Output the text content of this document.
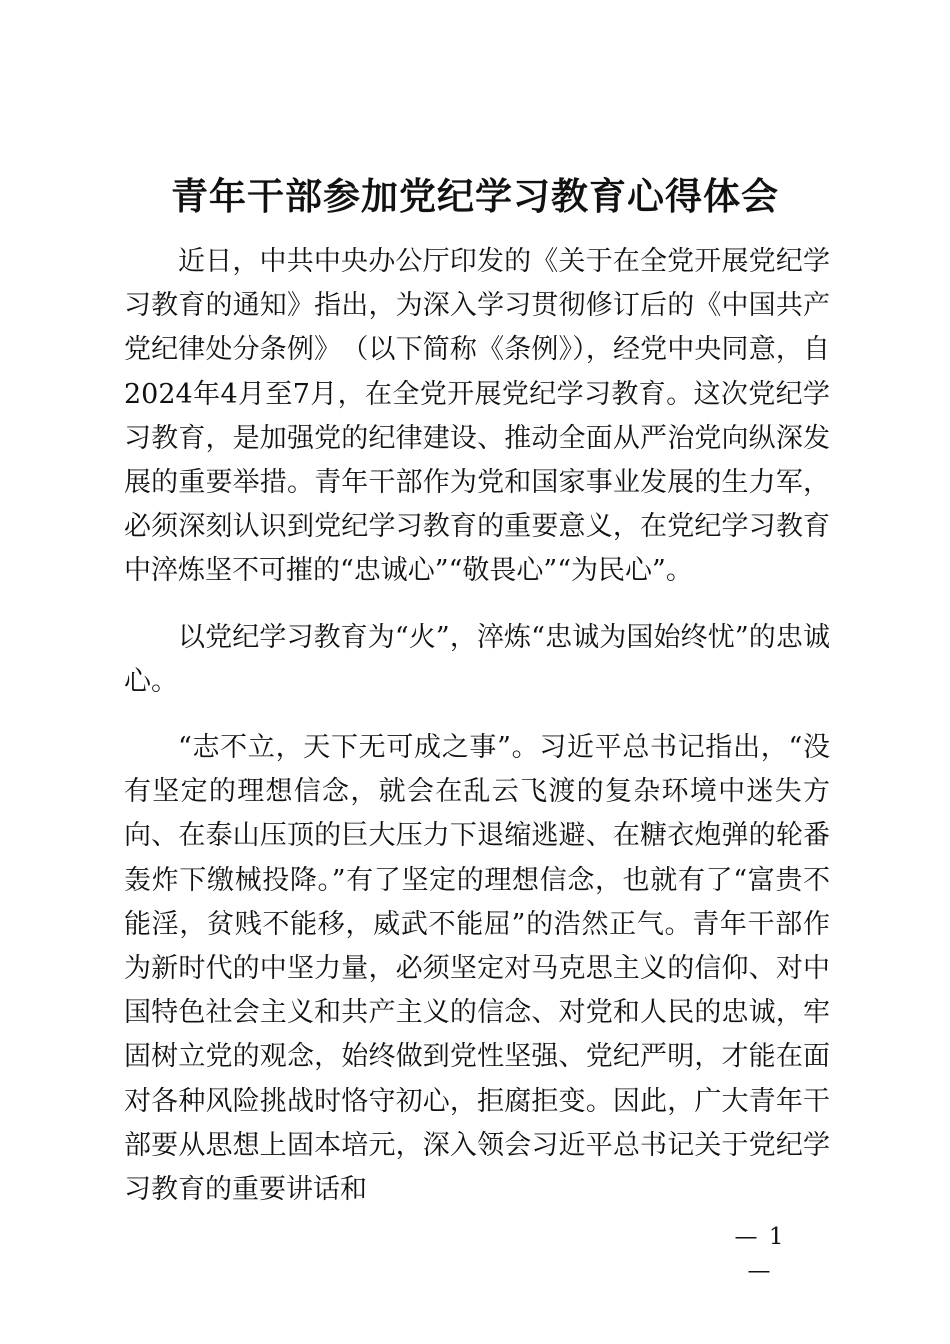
青年干部参加党纪学习教育心得体会

近日，中共中央办公厅印发的《关于在全党开展党纪学习教育的通知》指出，为深入学习贯彻修订后的《中国共产党纪律处分条例》　（以下简称《条例》），经党中央同意，自2024年4月至7月，在全党开展党纪学习教育。这次党纪学习教育，是加强党的纪律建设、推动全面从严治党向纵深发展的重要举措。青年干部作为党和国家事业发展的生力军，必须深刻认识到党纪学习教育的重要意义，在党纪学习教育中淬炼坚不可摧的“忠诚心”“敬畏心”“为民心”。

以党纪学习教育为“火”，淬炼“忠诚为国始终忧”的忠诚心。

“志不立，天下无可成之事”。习近平总书记指出，“没有坚定的理想信念，就会在乱云飞渡的复杂环境中迷失方向、在泰山压顶的巨大压力下退缩逃避、在糖衣炮弹的轮番轰炸下缴械投降。”有了坚定的理想信念，也就有了“富贵不能淫，贫贱不能移，威武不能屈”的浩然正气。青年干部作为新时代的中坚力量，必须坚定对马克思主义的信仰、对中国特色社会主义和共产主义的信念、对党和人民的忠诚，牢固树立党的观念，始终做到党性坚强、党纪严明，才能在面对各种风险挑战时恪守初心，拒腐拒变。因此，广大青年干部要从思想上固本培元，深入领会习近平总书记关于党纪学习教育的重要讲话和

— 1 —
